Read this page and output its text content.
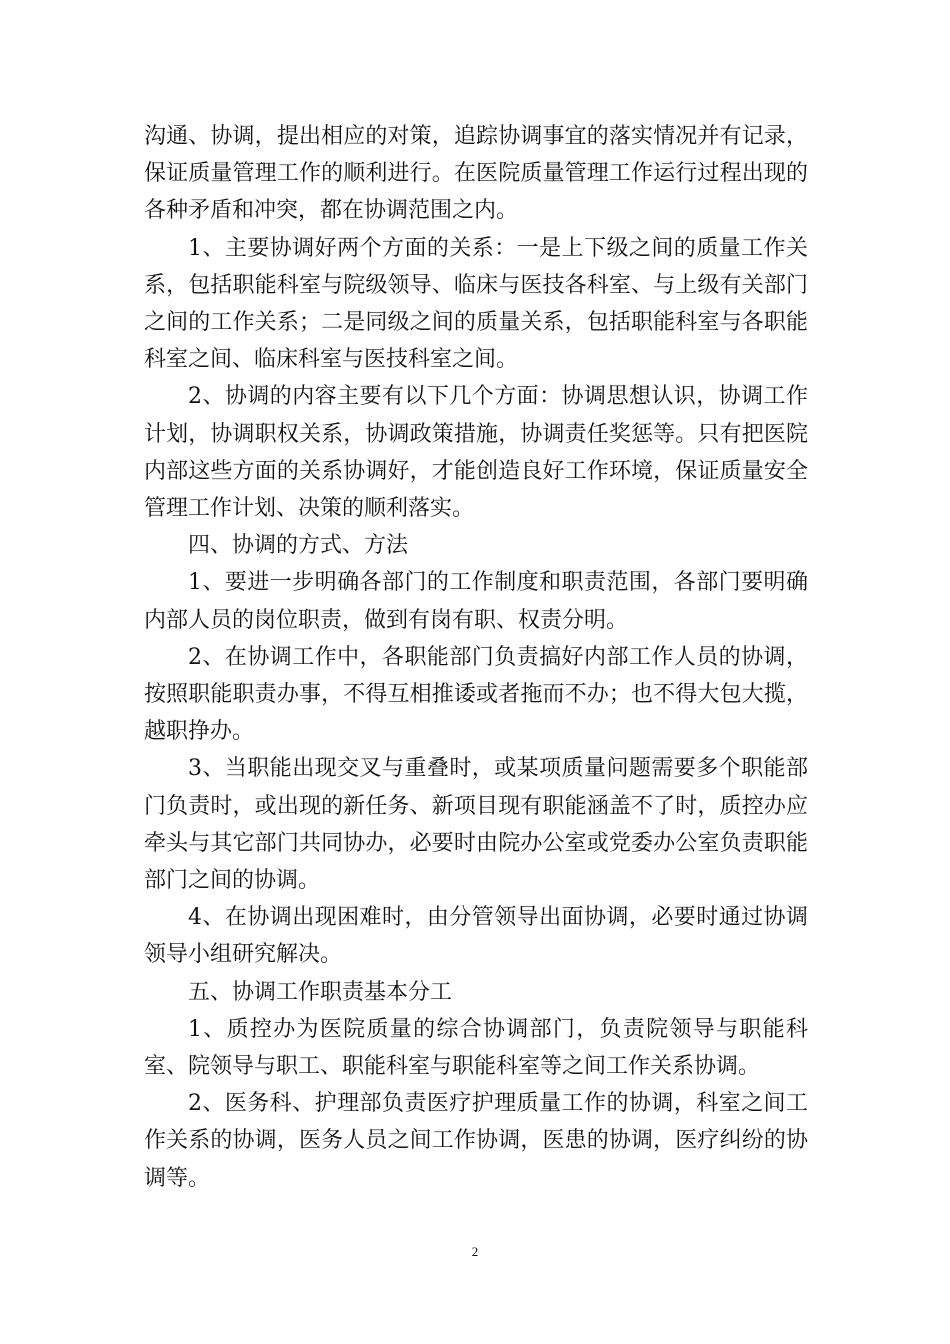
沟通、协调，提出相应的对策，追踪协调事宜的落实情况并有记录，保证质量管理工作的顺利进行。在医院质量管理工作运行过程出现的各种矛盾和冲突，都在协调范围之内。

1、主要协调好两个方面的关系：一是上下级之间的质量工作关系，包括职能科室与院级领导、临床与医技各科室、与上级有关部门之间的工作关系；二是同级之间的质量关系，包括职能科室与各职能科室之间、临床科室与医技科室之间。

2、协调的内容主要有以下几个方面：协调思想认识，协调工作计划，协调职权关系，协调政策措施，协调责任奖惩等。只有把医院内部这些方面的关系协调好，才能创造良好工作环境，保证质量安全管理工作计划、决策的顺利落实。

四、协调的方式、方法

1、要进一步明确各部门的工作制度和职责范围，各部门要明确内部人员的岗位职责，做到有岗有职、权责分明。

2、在协调工作中，各职能部门负责搞好内部工作人员的协调，按照职能职责办事，不得互相推诿或者拖而不办；也不得大包大揽，越职挣办。

3、当职能出现交叉与重叠时，或某项质量问题需要多个职能部门负责时，或出现的新任务、新项目现有职能涵盖不了时，质控办应牵头与其它部门共同协办，必要时由院办公室或党委办公室负责职能部门之间的协调。

4、在协调出现困难时，由分管领导出面协调，必要时通过协调领导小组研究解决。

五、协调工作职责基本分工

1、质控办为医院质量的综合协调部门，负责院领导与职能科室、院领导与职工、职能科室与职能科室等之间工作关系协调。

2、医务科、护理部负责医疗护理质量工作的协调，科室之间工作关系的协调，医务人员之间工作协调，医患的协调，医疗纠纷的协调等。

2
